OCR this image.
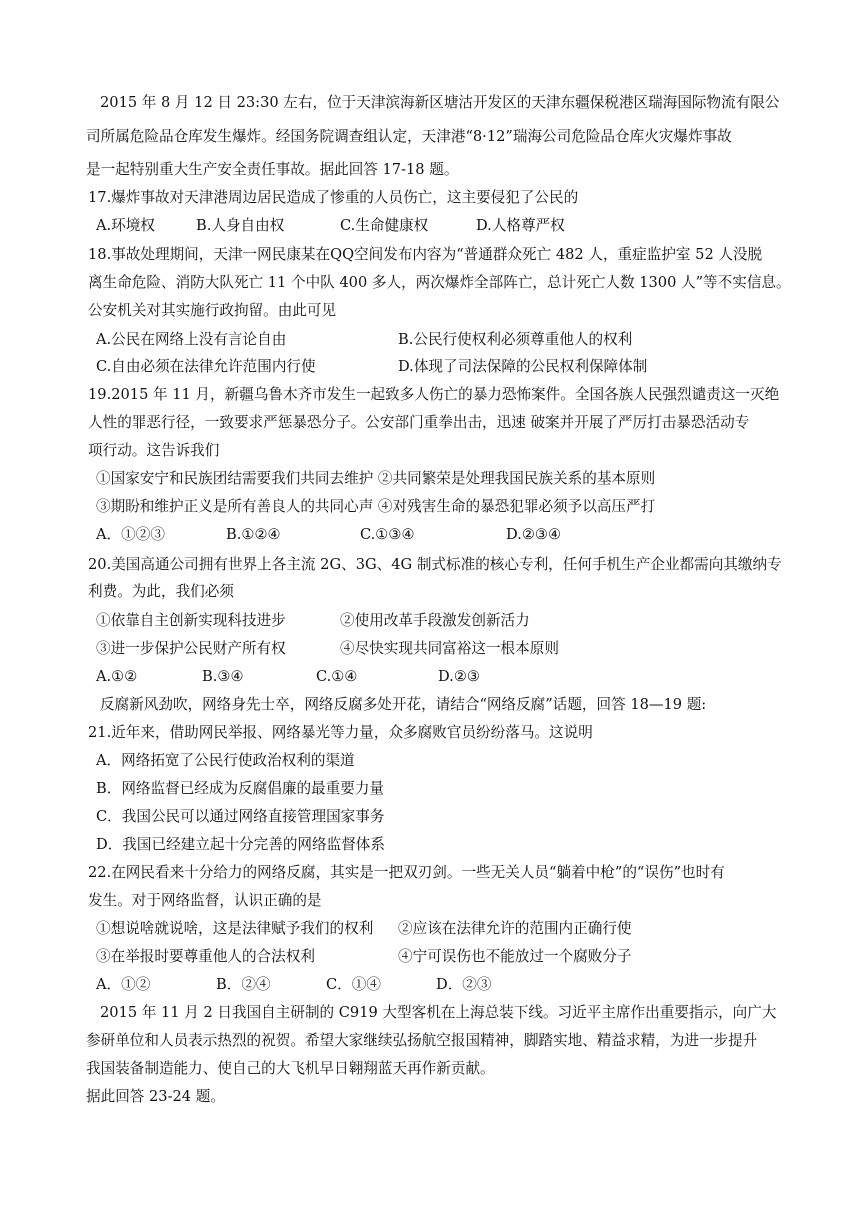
2015 年 8 月 12 日 23:30 左右，位于天津滨海新区塘沽开发区的天津东疆保税港区瑞海国际物流有限公
司所属危险品仓库发生爆炸。经国务院调查组认定，天津港“8·12”瑞海公司危险品仓库火灾爆炸事故
是一起特别重大生产安全责任事故。据此回答 17-18 题。
17.爆炸事故对天津港周边居民造成了惨重的人员伤亡，这主要侵犯了公民的
A.环境权	B.人身自由权	C.生命健康权	D.人格尊严权
18.事故处理期间，天津一网民康某在QQ空间发布内容为“普通群众死亡 482 人，重症监护室 52 人没脱
离生命危险、消防大队死亡 11 个中队 400 多人，两次爆炸全部阵亡，总计死亡人数 1300 人”等不实信息。
公安机关对其实施行政拘留。由此可见
A.公民在网络上没有言论自由	B.公民行使权利必须尊重他人的权利
C.自由必须在法律允许范围内行使	D.体现了司法保障的公民权利保障体制
19.2015 年 11 月，新疆乌鲁木齐市发生一起致多人伤亡的暴力恐怖案件。全国各族人民强烈谴责这一灭绝
人性的罪恶行径，一致要求严惩暴恐分子。公安部门重拳出击，迅速 破案并开展了严厉打击暴恐活动专
项行动。这告诉我们
①国家安宁和民族团结需要我们共同去维护 ②共同繁荣是处理我国民族关系的基本原则
③期盼和维护正义是所有善良人的共同心声 ④对残害生命的暴恐犯罪必须予以高压严打
A．①②③	B.①②④	C.①③④	D.②③④
20.美国高通公司拥有世界上各主流 2G、3G、4G 制式标准的核心专利，任何手机生产企业都需向其缴纳专
利费。为此，我们必须
①依靠自主创新实现科技进步	②使用改革手段激发创新活力
③进一步保护公民财产所有权	④尽快实现共同富裕这一根本原则
A.①②	B.③④	C.①④	D.②③
反腐新风劲吹，网络身先士卒，网络反腐多处开花，请结合“网络反腐”话题，回答 18—19 题:
21.近年来，借助网民举报、网络暴光等力量，众多腐败官员纷纷落马。这说明
A．网络拓宽了公民行使政治权利的渠道
B．网络监督已经成为反腐倡廉的最重要力量
C．我国公民可以通过网络直接管理国家事务
D．我国已经建立起十分完善的网络监督体系
22.在网民看来十分给力的网络反腐，其实是一把双刃剑。一些无关人员“躺着中枪”的“误伤”也时有
发生。对于网络监督，认识正确的是
①想说啥就说啥，这是法律赋予我们的权利 ②应该在法律允许的范围内正确行使
③在举报时要尊重他人的合法权利	④宁可误伤也不能放过一个腐败分子
A．①②	B．②④	C．①④	D．②③
2015 年 11 月 2 日我国自主研制的 C919 大型客机在上海总装下线。习近平主席作出重要指示，向广大
参研单位和人员表示热烈的祝贺。希望大家继续弘扬航空报国精神，脚踏实地、精益求精，为进一步提升
我国装备制造能力、使自己的大飞机早日翱翔蓝天再作新贡献。
据此回答 23-24 题。
